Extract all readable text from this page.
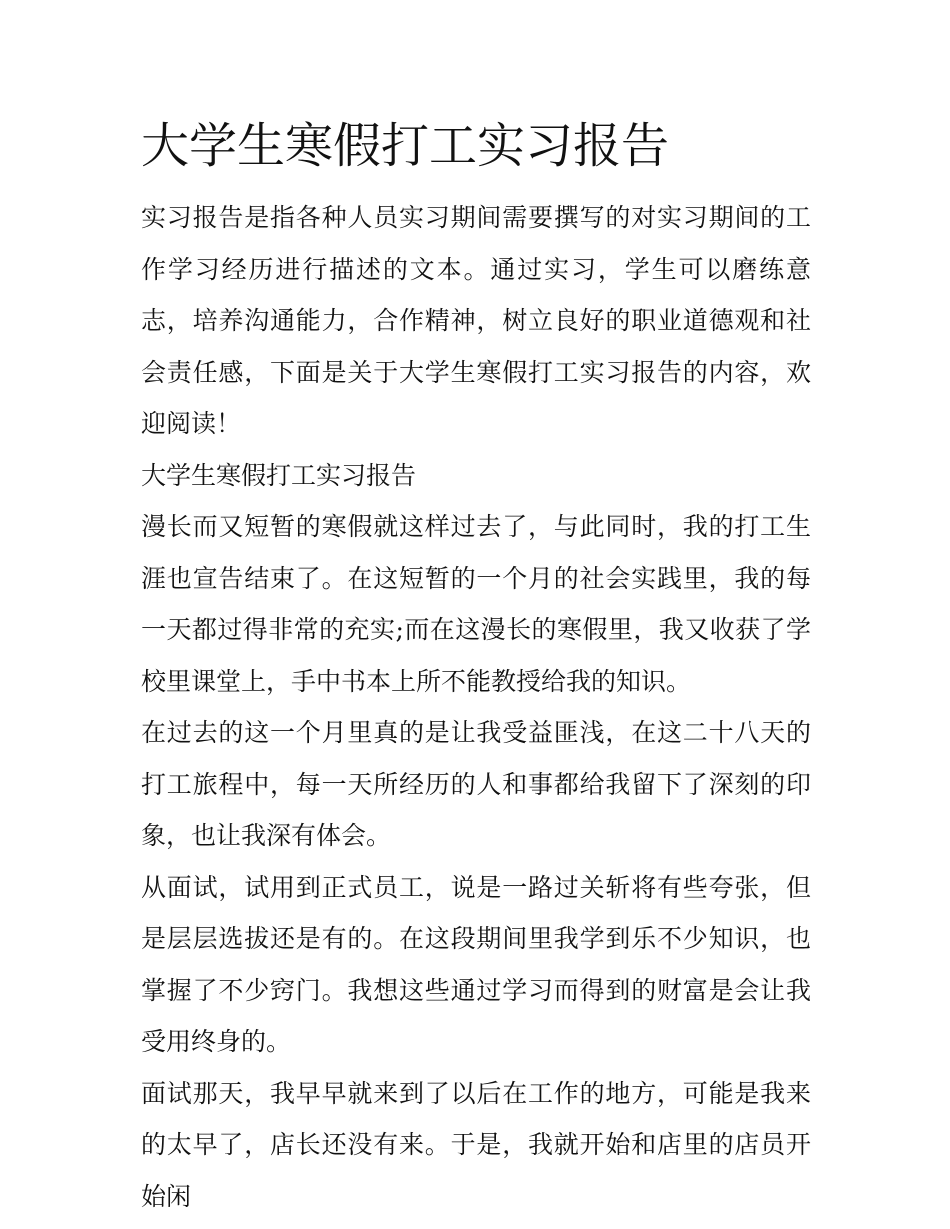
大学生寒假打工实习报告

实习报告是指各种人员实习期间需要撰写的对实习期间的工作学习经历进行描述的文本。通过实习，学生可以磨练意志，培养沟通能力，合作精神，树立良好的职业道德观和社会责任感，下面是关于大学生寒假打工实习报告的内容，欢迎阅读！

大学生寒假打工实习报告

漫长而又短暂的寒假就这样过去了，与此同时，我的打工生涯也宣告结束了。在这短暂的一个月的社会实践里，我的每一天都过得非常的充实;而在这漫长的寒假里，我又收获了学校里课堂上，手中书本上所不能教授给我的知识。

在过去的这一个月里真的是让我受益匪浅，在这二十八天的打工旅程中，每一天所经历的人和事都给我留下了深刻的印象，也让我深有体会。

从面试，试用到正式员工，说是一路过关斩将有些夸张，但是层层选拔还是有的。在这段期间里我学到乐不少知识，也掌握了不少窍门。我想这些通过学习而得到的财富是会让我受用终身的。

面试那天，我早早就来到了以后在工作的地方，可能是我来的太早了，店长还没有来。于是，我就开始和店里的店员开始闲
